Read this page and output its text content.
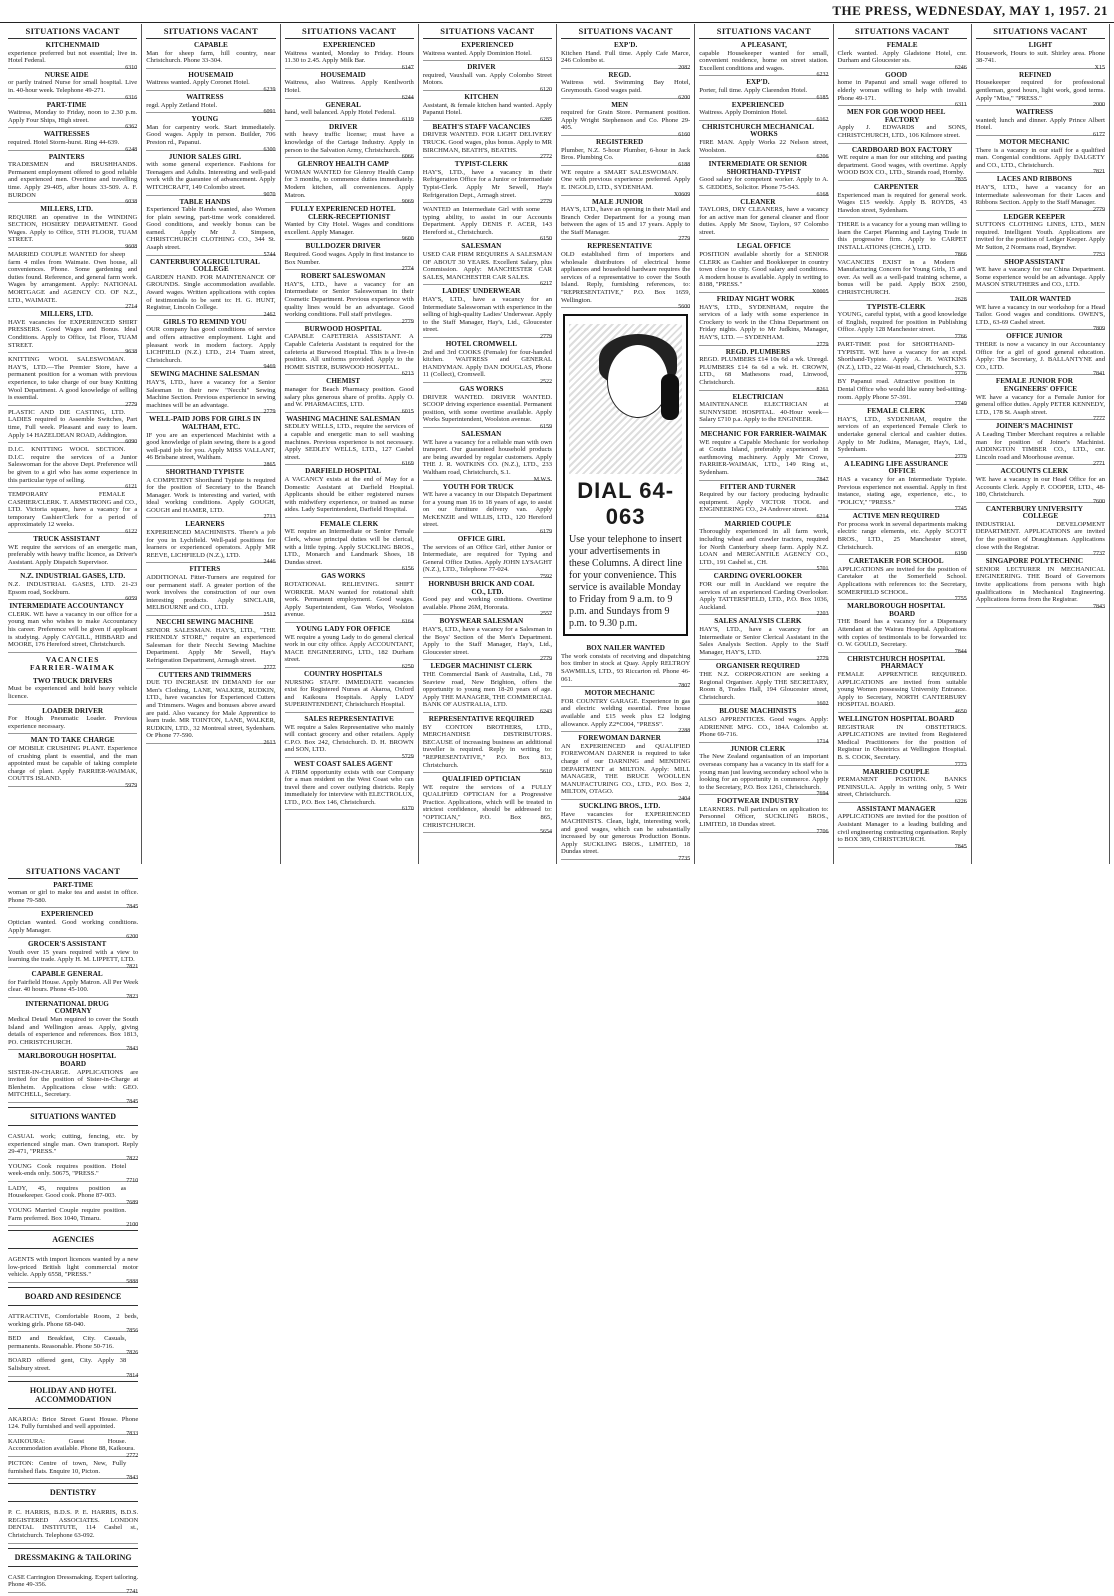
THE PRESS, WEDNESDAY, MAY 1, 1957. 21
SITUATIONS VACANT
KITCHENMAID
experience preferred but not essential; live in. Hotel Federal.

6310
NURSE AIDE
or partly trained Nurse for small hospital. Live in. 40-hour week. Telephone 49-271.

6316
PART-TIME
Waitress, Monday to Friday, noon to 2.30 p.m. Apply Four Ships, High street.

6362
WAITRESSES
required. Hotel Storm-hurst. Ring 44-639.

6248
PAINTERS
TRADESMEN and BRUSHHANDS. Permanent employment offered to good reliable and experienced men. Overtime and travelling time. Apply 29-405, after hours 33-509. A. F. BURDON

6038
MILLERS, LTD.
REQUIRE an operative in the WINDING SECTION, HOSIERY DEPARTMENT. Good Wages. Apply to Office, 5TH FLOOR, TUAM STREET.

9608
MARRIED COUPLE WANTED for sheep farm 4 miles from Waimate. Own house, all conveniences. Phone. Some gardening and duties found. Reference, and general farm work. Wages by arrangement. Apply: NATIONAL MORTGAGE and AGENCY CO. OF N.Z., LTD., WAIMATE.

2714
MILLERS, LTD.
HAVE vacancies for EXPERIENCED SHIRT PRESSERS. Good Wages and Bonus. Ideal Conditions. Apply to Office, 1st Floor, TUAM STREET.

9638
KNITTING WOOL SALESWOMAN. HAY'S, LTD.—The Premier Store, have a permanent position for a woman with previous experience, to take charge of our busy Knitting Wool Department. A good knowledge of selling is essential.

2779
PLASTIC AND DIE CASTING, LTD. LADIES required to Assemble Switches, Part time, Full week. Pleasant and easy to learn. Apply 14 HAZELDEAN ROAD, Addington.

6090
D.I.C. KNITTING WOOL SECTION. D.I.C. require the services of a Junior Saleswoman for the above Dept. Preference will be given to a girl who has some experience in this particular type of selling.

6121
TEMPORARY FEMALE CASHIER/CLERK. T. ARMSTRONG and CO., LTD. Victoria square, have a vacancy for a temporary Cashier/Clerk for a period of approximately 12 weeks.

6122
TRUCK ASSISTANT
WE require the services of an energetic man, preferably with heavy traffic licence, as Driver's Assistant. Apply Dispatch Supervisor.
N.Z. INDUSTRIAL GASES, LTD.
N.Z. INDUSTRIAL GASES, LTD. 21-23 Epsom road, Sockburn.

6059
INTERMEDIATE ACCOUNTANCY
CLERK. WE have a vacancy in our office for a young man who wishes to make Accountancy his career. Preference will be given if applicant is studying. Apply CAYGILL, HIBBARD and MOORE, 176 Hereford street, Christchurch.
VACANCIES
FARRIER-WAIMAK
TWO TRUCK DRIVERS
Must be experienced and hold heavy vehicle licence.
LOADER DRIVER
For Hough Pneumatic Loader. Previous experience necessary.
MAN TO TAKE CHARGE
OF MOBILE CRUSHING PLANT. Experience of crushing plant is essential, and the man appointed must be capable of taking complete charge of plant. Apply FARRIER-WAIMAK, COUTTS ISLAND.

5979
SITUATIONS VACANT
CAPABLE
Man for sheep farm, hill country, near Christchurch. Phone 33-304.
HOUSEMAID
Waitress wanted. Apply Coronet Hotel.

6239
WAITRESS
regd. Apply Zetland Hotel.

6091
YOUNG
Man for carpentry work. Start immediately. Good wages. Apply in person. Builder, 706 Preston rd., Papanui.

6300
JUNIOR SALES GIRL
with some general experience. Fashions for Teenagers and Adults. Interesting and well-paid work with the guarantee of advancement. Apply WITCHCRAFT, 149 Colombo street.

9070
TABLE HANDS
Experienced Table Hands wanted, also Women for plain sewing, part-time work considered. Good conditions, and weekly bonus can be earned. Apply Mr J. Simpson, CHRISTCHURCH CLOTHING CO., 344 St. Asaph street.

5744
CANTERBURY AGRICULTURAL COLLEGE
GARDEN HAND. FOR MAINTENANCE OF GROUNDS. Single accommodation available. Award wages. Written applications with copies of testimonials to be sent to: H. G. HUNT, Registrar, Lincoln College.

2462
GIRLS TO REMIND YOU
OUR company has good conditions of service and offers attractive employment. Light and pleasant work in modern factory. Apply LICHFIELD (N.Z.) LTD., 214 Tuam street, Christchurch.

9469
SEWING MACHINE SALESMAN
HAY'S, LTD., have a vacancy for a Senior Salesman in their new "Necchi" Sewing Machine Section. Previous experience in sewing machines will be an advantage.

2779
WELL-PAID JOBS FOR GIRLS IN WALTHAM, ETC.
IF you are an experienced Machinist with a good knowledge of plain sewing, there is a good well-paid job for you. Apply MISS VALLANT, 46 Brisbane street, Waltham.

2865
SHORTHAND TYPISTE
A COMPETENT Shorthand Typiste is required for the position of Secretary to the Branch Manager. Work is interesting and varied, with ideal working conditions. Apply GOUGH, GOUGH and HAMER, LTD.

2713
LEARNERS
EXPERIENCED MACHINISTS. There's a job for you in Lychfield. Well-paid positions for learners or experienced operators. Apply MR REEVE, LICHFIELD (N.Z.), LTD.

2446
FITTERS
ADDITIONAL Fitter-Turners are required for our permanent staff. A greater portion of the work involves the construction of our own interesting products. Apply SINCLAIR, MELBOURNE and CO., LTD.

2512
NECCHI SEWING MACHINE
SENIOR SALESMAN. HAY'S, LTD., "THE FRIENDLY STORE," require an experienced Salesman for their Necchi Sewing Machine Department. Apply Mr Sewell, Hay's Refrigeration Department, Armagh street.

2777
CUTTERS AND TRIMMERS
DUE TO INCREASE IN DEMAND for our Men's Clothing, LANE, WALKER, RUDKIN, LTD., have vacancies for Experienced Cutters and Trimmers. Wages and bonuses above award are paid. Also vacancy for Male Apprentice to learn trade. MR TOINTON, LANE, WALKER, RUDKIN, LTD., 32 Montreal street, Sydenham. Or Phone 77-590.

2613
SITUATIONS VACANT
EXPERIENCED
Waitress wanted, Monday to Friday. Hours 11.30 to 2.45. Apply Milk Bar.

6147
HOUSEMAID
Waitress, also Waitress. Apply Kenilworth Hotel.

6244
GENERAL
hand, well balanced. Apply Hotel Federal.

6119
DRIVER
with heavy traffic license; must have a knowledge of the Cartage Industry. Apply in person to the Salvation Army, Christchurch.

6066
GLENROY HEALTH CAMP
WOMAN WANTED for Glenroy Health Camp for 3 months, to commence duties immediately. Modern kitchen, all conveniences. Apply Matron.

9069
FULLY EXPERIENCED HOTEL CLERK-RECEPTIONIST
Wanted by City Hotel. Wages and conditions excellent. Apply Manager.

9600
BULLDOZER DRIVER
Required. Good wages. Apply in first instance to Box Number.

2774
ROBERT SALESWOMAN
HAY'S, LTD., have a vacancy for an Intermediate or Senior Saleswoman in their Cosmetic Department. Previous experience with quality lines would be an advantage. Good working conditions. Full staff privileges.

2779
BURWOOD HOSPITAL
CAPABLE CAFETERIA ASSISTANT. A Capable Cafeteria Assistant is required for the cafeteria at Burwood Hospital. This is a live-in position. All uniforms provided. Apply to the HOME SISTER, BURWOOD HOSPITAL.

6213
CHEMIST
manager for Beach Pharmacy position. Good salary plus generous share of profits. Apply O. and W. PHARMACIES, LTD.

6015
WASHING MACHINE SALESMAN
SEDLEY WELLS, LTD., require the services of a capable and energetic man to sell washing machines. Previous experience is not necessary. Apply SEDLEY WELLS, LTD., 127 Cashel street.

6169
DARFIELD HOSPITAL
A VACANCY exists at the end of May for a Domestic Assistant at Darfield Hospital. Applicants should be either registered nurses with midwifery experience, or trained as nurse aides. Lady Superintendent, Darfield Hospital.
FEMALE CLERK
WE require an Intermediate or Senior Female Clerk, whose principal duties will be clerical, with a little typing. Apply SUCKLING BROS., LTD., Monarch and Landmark Shoes, 18 Dundas street.

6156
GAS WORKS
ROTATIONAL RELIEVING. SHIFT WORKER. MAN wanted for rotational shift work. Permanent employment. Good wages. Apply Superintendent, Gas Works, Woolston avenue.

6164
YOUNG LADY FOR OFFICE
WE require a young Lady to do general clerical work in our city office. Apply ACCOUNTANT, MACE ENGINEERING, LTD., 182 Durham street.

6250
COUNTRY HOSPITALS
NURSING STAFF. IMMEDIATE vacancies exist for Registered Nurses at Akaroa, Oxford and Kaikoura Hospitals. Apply LADY SUPERINTENDENT, Christchurch Hospital.
SALES REPRESENTATIVE
WE require a Sales Representative who mainly will contact grocery and other retailers. Apply C.P.O. Box 242, Christchurch. D. H. BROWN and SON, LTD.

5729
WEST COAST SALES AGENT
A FIRM opportunity exists with our Company for a man resident on the West Coast who can travel there and cover outlying districts. Reply immediately for interview with ELECTROLUX, LTD., P.O. Box 146, Christchurch.

6170
SITUATIONS VACANT
EXPERIENCED
Waitress wanted. Apply Dominion Hotel.

6153
DRIVER
required, Vauxhall van. Apply Colombo Street Motors.

6120
KITCHEN
Assistant, & female kitchen hand wanted. Apply Papanui Hotel.

6285
BEATH'S STAFF VACANCIES
DRIVER WANTED. FOR LIGHT DELIVERY TRUCK. Good wages, plus bonus. Apply to MR BIRCHMAN, BEATH'S, BEATHS.

2772
TYPIST-CLERK
HAY'S, LTD., have a vacancy in their Refrigeration Office for a Junior or Intermediate Typist-Clerk. Apply Mr Sewell, Hay's Refrigeration Dept., Armagh street.

2779
WANTED an Intermediate Girl with some typing ability, to assist in our Accounts Department. Apply DENIS F. ACER, 143 Hereford st., Christchurch.

6150
SALESMAN
USED CAR FIRM REQUIRES A SALESMAN OF ABOUT 30 YEARS. Excellent Salary, plus Commission. Apply: MANCHESTER CAR SALES, MANCHESTER CAR SALES.

6217
LADIES' UNDERWEAR
HAY'S, LTD., have a vacancy for an Intermediate Saleswoman with experience in the selling of high-quality Ladies' Underwear. Apply to the Staff Manager, Hay's, Ltd., Gloucester street.

2779
HOTEL CROMWELL
2nd and 3rd COOKS (Female) for four-handed kitchen. WAITRESS and GENERAL HANDYMAN. Apply DAN DOUGLAS, Phone 11 (Collect), Cromwell.

2522
GAS WORKS
DRIVER WANTED. DRIVER WANTED. SCOOP driving experience essential. Permanent position, with some overtime available. Apply Works Superintendent, Woolston avenue.

6159
SALESMAN
WE have a vacancy for a reliable man with own transport. Our guaranteed household products are being awarded by regular customers. Apply THE J. R. WATKINS CO. (N.Z.), LTD., 233 Waltham road, Christchurch, S.1.

M.W.S.
YOUTH FOR TRUCK
WE have a vacancy in our Dispatch Department for a young man 16 to 18 years of age, to assist on our furniture delivery van. Apply McKENZIE and WILLIS, LTD., 120 Hereford street.

6179
OFFICE GIRL
The services of an Office Girl, either Junior or Intermediate, are required for Typing and General Office Duties. Apply JOHN LYSAGHT (N.Z.), LTD., Telephone 77-024.

7592
HORNBUSH BRICK AND COAL CO., LTD.
Good pay and working conditions. Overtime available. Phone 26M, Hororata.

2557
BOYSWEAR SALESMAN
HAY'S, LTD., have a vacancy for a Salesman in the Boys' Section of the Men's Department. Apply to the Staff Manager, Hay's, Ltd., Gloucester street.

2779
LEDGER MACHINIST CLERK
THE Commercial Bank of Australia, Ltd., 78 Seaview road, New Brighton, offers the opportunity to young men 18-20 years of age. Apply THE MANAGER, THE COMMERCIAL BANK OF AUSTRALIA, LTD.

6243
REPRESENTATIVE REQUIRED
BY CONTON BROTHERS, LTD., MERCHANDISE DISTRIBUTORS. BECAUSE of increasing business an additional traveller is required. Reply in writing to: "REPRESENTATIVE," P.O. Box 813, Christchurch.

5610
QUALIFIED OPTICIAN
WE require the services of a FULLY QUALIFIED OPTICIAN for a Progressive Practice. Applications, which will be treated in strictest confidence, should be addressed to: "OPTICIAN," P.O. Box 865, CHRISTCHURCH.

5654
SITUATIONS VACANT
EXP'D.
Kitchen Hand. Full time. Apply Cafe Marce, 246 Colombo st.

2082
REGD.
Waitress wtd. Swimming Bay Hotel, Greymouth. Good wages paid.

6200
MEN
required for Grain Store. Permanent position. Apply Wright Stephenson and Co. Phone 29-405.

6160
REGISTERED
Plumber, N.Z. 5-hour Plumber, 6-hour in Jack Bros. Plumbing Co.

6188
WE require a SMART SALESWOMAN. One with previous experience preferred. Apply E. INGOLD, LTD., SYDENHAM.

X0609
MALE JUNIOR
HAY'S, LTD., have an opening in their Mail and Branch Order Department for a young man between the ages of 15 and 17 years. Apply to the Staff Manager.

2779
REPRESENTATIVE
OLD established firm of importers and wholesale distributors of electrical home appliances and household hardware requires the services of a representative to cover the South Island. Reply, furnishing references, to: "REPRESENTATIVE," P.O. Box 1659, Wellington.

5600
DIAL 64-063
Use your telephone to insert your advertisements in these Columns. A direct line for your convenience. This service is available Monday to Friday from 9 a.m. to 9 p.m. and Sundays from 9 p.m. to 9.30 p.m.
BOX NAILER WANTED
The work consists of receiving and dispatching box timber in stock at Quay. Apply RELTROY SAWMILLS, LTD., 93 Riccarton rd. Phone 46-061.

7807
MOTOR MECHANIC
FOR COUNTRY GARAGE. Experience in gas and electric welding essential. Free house available and £15 week plus £2 lodging allowance. Apply Z2*C004, "PRESS".

2288
FOREWOMAN DARNER
AN EXPERIENCED and QUALIFIED FOREWOMAN DARNER is required to take charge of our DARNING and MENDING DEPARTMENT at MILTON. Apply: MILL MANAGER, THE BRUCE WOOLLEN MANUFACTURING CO., LTD., P.O. Box 2, MILTON, OTAGO.

2404
SUCKLING BROS., LTD.
Have vacancies for EXPERIENCED MACHINISTS. Clean, light, interesting work, and good wages, which can be substantially increased by our generous Production Bonus. Apply SUCKLING BROS., LIMITED, 18 Dundas street.

7735
SITUATIONS VACANT
A PLEASANT,
capable Housekeeper wanted for small, convenient residence, home on street station. Excellent conditions and wages.

6232
EXP'D.
Porter, full time. Apply Clarendon Hotel.

6185
EXPERIENCED
Waitress. Apply Dominion Hotel.

6162
CHRISTCHURCH MECHANICAL WORKS
FIRE MAN. Apply Works 22 Nelson street, Woolston.

6206
INTERMEDIATE OR SENIOR SHORTHAND-TYPIST
Good salary for competent worker. Apply to A. S. GEDDES, Solicitor. Phone 75-543.

6168
CLEANER
TAYLORS, DRY CLEANERS, have a vacancy for an active man for general cleaner and floor duties. Apply Mr Snow, Taylors, 97 Colombo street.
LEGAL OFFICE
POSITION available shortly for a SENIOR CLERK as Cashier and Bookkeeper in country town close to city. Good salary and conditions. A modern house is available. Apply in writing to 8188, "PRESS."

X0005
FRIDAY NIGHT WORK
HAY'S, LTD., SYDENHAM, require the services of a lady with some experience in Crockery to work in the China Department on Friday nights. Apply to Mr Judkins, Manager, HAY'S, LTD. — SYDENHAM.

2779
REGD. PLUMBERS
REGD. PLUMBERS £14 10s 6d a wk. Unregd. PLUMBERS £14 6s 6d a wk. H. CROWN, LTD., 68 Mathesons road, Linwood, Christchurch.

8261
ELECTRICIAN
MAINTENANCE ELECTRICIAN at SUNNYSIDE HOSPITAL. 40-Hour week—Salary £710 p.a. Apply to the ENGINEER.
MECHANIC FOR FARRIER-WAIMAK
WE require a Capable Mechanic for workshop at Coutts Island, preferably experienced in earthmoving machinery. Apply Mr Crowe, FARRIER-WAIMAK, LTD., 149 Ring st., Sydenham.

7847
FITTER AND TURNER
Required by our factory producing hydraulic equipment. Apply VICTOR TOOL and ENGINEERING CO., 24 Andover street.

6214
MARRIED COUPLE
Thoroughly experienced in all farm work, including wheat and crawler tractors, required for North Canterbury sheep farm. Apply N.Z. LOAN and MERCANTILE AGENCY CO., LTD., 191 Cashel st., CH.

5701
CARDING OVERLOOKER
FOR our mill in Auckland we require the services of an experienced Carding Overlooker. Apply TATTERSFIELD, LTD., P.O. Box 1036, Auckland.

2203
SALES ANALYSIS CLERK
HAY'S, LTD., have a vacancy for an Intermediate or Senior Clerical Assistant in the Sales Analysis Section. Apply to the Staff Manager, HAY'S, LTD.

2779
ORGANISER REQUIRED
THE N.Z. CORPORATION are seeking a Regional Organiser. Apply THE SECRETARY, Room 8, Trades Hall, 194 Gloucester street, Christchurch.

1602
BLOUSE MACHINISTS
ALSO APPRENTICES. Good wages. Apply: ADRIENNE MFG. CO., 184A Colombo st. Phone 69-716.

1714
JUNIOR CLERK
The New Zealand organisation of an important overseas company has a vacancy in its staff for a young man just leaving secondary school who is looking for an opportunity in commerce. Apply to the Secretary, P.O. Box 1261, Christchurch.

7694
FOOTWEAR INDUSTRY
LEARNERS. Full particulars on application to: Personnel Officer, SUCKLING BROS., LIMITED, 18 Dundas street.

7706
SITUATIONS VACANT
FEMALE
Clerk wanted. Apply Gladstone Hotel, cnr. Durham and Gloucester sts.

6246
GOOD
home in Papanui and small wage offered to elderly woman willing to help with invalid. Phone 49-171.

6311
MEN FOR GOB WOOD HEEL FACTORY
Apply J. EDWARDS and SONS, CHRISTCHURCH, LTD., 106 Kilmore street.
CARDBOARD BOX FACTORY
WE require a man for our stitching and pasting department. Good wages, with overtime. Apply WOOD BOX CO., LTD., Strands road, Hornby.

7835
CARPENTER
Experienced man is required for general work. Wages £15 weekly. Apply B. ROYDS, 43 Hawdon street, Sydenham.
THERE is a vacancy for a young man willing to learn the Carpet Planning and Laying Trade in this progressive firm. Apply to CARPET INSTALLATIONS (CHCH.), LTD.

7866
VACANCIES EXIST in a Modern Manufacturing Concern for Young Girls, 15 and over. As well as a well-paid training scheme, a bonus will be paid. Apply BOX 2590, CHRISTCHURCH.

2628
TYPISTE-CLERK
YOUNG, careful typist, with a good knowledge of English, required for position in Publishing Office. Apply 128 Manchester street.

7766
PART-TIME post for SHORTHAND-TYPISTE. WE have a vacancy for an expd. Shorthand-Typiste. Apply A. H. WATKINS (N.Z.), LTD., 22 Wai-iti road, Christchurch, S.3.

7776
BY Papanui road. Attractive position in Dental Office who would like sunny bed-sitting-room. Apply Phone 57-391.

7749
FEMALE CLERK
HAY'S, LTD., SYDENHAM, require the services of an experienced Female Clerk to undertake general clerical and cashier duties. Apply to Mr Judkins, Manager, Hay's, Ltd., Sydenham.

2779
A LEADING LIFE ASSURANCE OFFICE
HAS a vacancy for an Intermediate Typiste. Previous experience not essential. Apply in first instance, stating age, experience, etc., to "POLICY," "PRESS."

7745
ACTIVE MEN REQUIRED
For process work in several departments making electric range elements, etc. Apply SCOTT BROS., LTD., 25 Manchester street, Christchurch.

6190
CARETAKER FOR SCHOOL
APPLICATIONS are invited for the position of Caretaker at the Somerfield School. Applications with references to: the Secretary, SOMERFIELD SCHOOL.

7755
MARLBOROUGH HOSPITAL BOARD
THE Board has a vacancy for a Dispensary Attendant at the Wairau Hospital. Applications with copies of testimonials to be forwarded to: O. W. GOULD, Secretary.

7844
CHRISTCHURCH HOSPITAL PHARMACY
FEMALE APPRENTICE REQUIRED. APPLICATIONS are invited from suitable young Women possessing University Entrance. Apply to Secretary, NORTH CANTERBURY HOSPITAL BOARD.

4650
WELLINGTON HOSPITAL BOARD
REGISTRAR IN OBSTETRICS. APPLICATIONS are invited from Registered Medical Practitioners for the position of Registrar in Obstetrics at Wellington Hospital. B. S. COOK, Secretary.

7773
MARRIED COUPLE
PERMANENT POSITION. BANKS PENINSULA. Apply in writing only, 5 Weir street, Christchurch.

6226
ASSISTANT MANAGER
APPLICATIONS are invited for the position of Assistant Manager to a leading building and civil engineering contracting organisation. Reply to BOX 389, CHRISTCHURCH.

7845
SITUATIONS VACANT
LIGHT
Housework, Hours to suit. Shirley area. Phone 38-741.

X15
REFINED
Housekeeper required for professional gentleman, good hours, light work, good terms. Apply "Miss," "PRESS."

2000
WAITRESS
wanted; lunch and dinner. Apply Prince Albert Hotel.

6177
MOTOR MECHANIC
There is a vacancy in our staff for a qualified man. Congenial conditions. Apply DALGETY and CO., LTD., Christchurch.

7821
LACES AND RIBBONS
HAY'S, LTD., have a vacancy for an intermediate saleswoman for their Laces and Ribbons Section. Apply to the Staff Manager.

2779
LEDGER KEEPER
SUTTONS CLOTHING LINES, LTD., MEN required. Intelligent Youth. Applications are invited for the position of Ledger Keeper. Apply Mr Sutton, 2 Normans road, Bryndwr.

7753
SHOP ASSISTANT
WE have a vacancy for our China Department. Some experience would be an advantage. Apply MASON STRUTHERS and CO., LTD.
TAILOR WANTED
WE have a vacancy in our workshop for a Head Tailor. Good wages and conditions. OWEN'S, LTD., 63-69 Cashel street.

7809
OFFICE JUNIOR
THERE is now a vacancy in our Accountancy Office for a girl of good general education. Apply: The Secretary, J. BALLANTYNE and CO., LTD.

7841
FEMALE JUNIOR FOR ENGINEERS' OFFICE
WE have a vacancy for a Female Junior for general office duties. Apply PETER KENNEDY, LTD., 178 St. Asaph street.

7777
JOINER'S MACHINIST
A Leading Timber Merchant requires a reliable man for position of Joiner's Machinist. ADDINGTON TIMBER CO., LTD., cnr. Lincoln road and Moorhouse avenue.

2771
ACCOUNTS CLERK
WE have a vacancy in our Head Office for an Accounts Clerk. Apply F. COOPER, LTD., 48-180, Christchurch.

7600
CANTERBURY UNIVERSITY COLLEGE
INDUSTRIAL DEVELOPMENT DEPARTMENT. APPLICATIONS are invited for the position of Draughtsman. Applications close with the Registrar.

7737
SINGAPORE POLYTECHNIC
SENIOR LECTURER IN MECHANICAL ENGINEERING. THE Board of Governors invite applications from persons with high qualifications in Mechanical Engineering. Applications forms from the Registrar.

7843
SITUATIONS VACANT
PART-TIME
woman or girl to make tea and assist in office. Phone 79-580.

7845
EXPERIENCED
Optician wanted. Good working conditions. Apply Manager.

6200
GROCER'S ASSISTANT
Youth over 15 years required with a view to learning the trade. Apply H. M. LIPPETT, LTD.

7821
CAPABLE GENERAL
for Fairfield House. Apply Matron. All Per Week clear. 40 hours. Phone 45-100.

7823
INTERNATIONAL DRUG COMPANY
Medical Detail Man required to cover the South Island and Wellington areas. Apply, giving details of experience and references. Box 1813, PO. CHRISTCHURCH.

7843
MARLBOROUGH HOSPITAL BOARD
SISTER-IN-CHARGE. APPLICATIONS are invited for the position of Sister-in-Charge at Blenheim. Applications close with: GEO. MITCHELL, Secretary.

7845
SITUATIONS WANTED
CASUAL work; cutting, fencing, etc. by experienced single man. Own transport. Reply 29-471, "PRESS."

7822
YOUNG Cook requires position. Hotel week-ends only. 50675, "PRESS."

7710
LADY, 45, requires position as Housekeeper. Good cook. Phone 87-003.

7689
YOUNG Married Couple require position. Farm preferred. Box 1040, Timaru.

2100
AGENCIES
AGENTS with import licences wanted by a new low-priced British light commercial motor vehicle. Apply 6558, "PRESS."

5888
BOARD AND RESIDENCE
ATTRACTIVE, Comfortable Room, 2 beds, working girls. Phone 68-040.

7856
BED and Breakfast, City. Casuals, permanents. Reasonable. Phone 50-716.

7826
BOARD offered gent, City. Apply 38 Salisbury street.

7814
HOLIDAY AND HOTEL ACCOMMODATION
AKAROA: Brice Street Guest House. Phone 124. Fully furnished and well appointed.

7833
KAIKOURA: Guest House. Accommodation available. Phone 88, Kaikoura.

2772
PICTON: Centre of town, New, Fully furnished flats. Enquire 10, Picton.

7843
DENTISTRY
P. C. HARRIS, B.D.S. P. E. HARRIS, B.D.S. REGISTERED ASSOCIATES. LONDON DENTAL INSTITUTE, 114 Cashel st., Christchurch. Telephone 63-092.
DRESSMAKING & TAILORING
CASE Carrington Dressmaking. Expert tailoring. Phone 49-356.

7741
